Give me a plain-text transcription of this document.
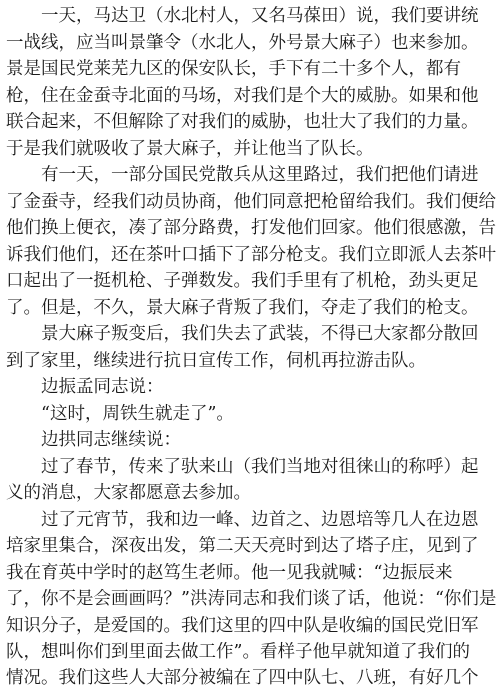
　　一天，马达卫（水北村人，又名马葆田）说，我们要讲统
一战线，应当叫景肇令（水北人，外号景大麻子）也来参加。
景是国民党莱芜九区的保安队长，手下有二十多个人，都有
枪，住在金蚕寺北面的马场，对我们是个大的威胁。如果和他
联合起来，不但解除了对我们的威胁，也壮大了我们的力量。
于是我们就吸收了景大麻子，并让他当了队长。
　　有一天，一部分国民党散兵从这里路过，我们把他们请进
了金蚕寺，经我们动员协商，他们同意把枪留给我们。我们便给
他们换上便衣，凑了部分路费，打发他们回家。他们很感激，告
诉我们他们，还在茶叶口插下了部分枪支。我们立即派人去茶叶
口起出了一挺机枪、子弹数发。我们手里有了机枪，劲头更足
了。但是，不久，景大麻子背叛了我们，夺走了我们的枪支。
　　景大麻子叛变后，我们失去了武装，不得已大家都分散回
到了家里，继续进行抗日宣传工作，伺机再拉游击队。
　　边振孟同志说：
　　“这时，周铁生就走了”。
　　边拱同志继续说：
　　过了春节，传来了驮来山（我们当地对徂徕山的称呼）起
义的消息，大家都愿意去参加。
　　过了元宵节，我和边一峰、边首之、边恩培等几人在边恩
培家里集合，深夜出发，第二天天亮时到达了塔子庄，见到了
我在育英中学时的赵笃生老师。他一见我就喊：“边振辰来
了，你不是会画画吗？”洪涛同志和我们谈了话，他说：“你们是
知识分子，是爱国的。我们这里的四中队是收编的国民党旧军
队，想叫你们到里面去做工作”。看样子他早就知道了我们的
情况。我们这些人大部分被编在了四中队七、八班，有好几个
